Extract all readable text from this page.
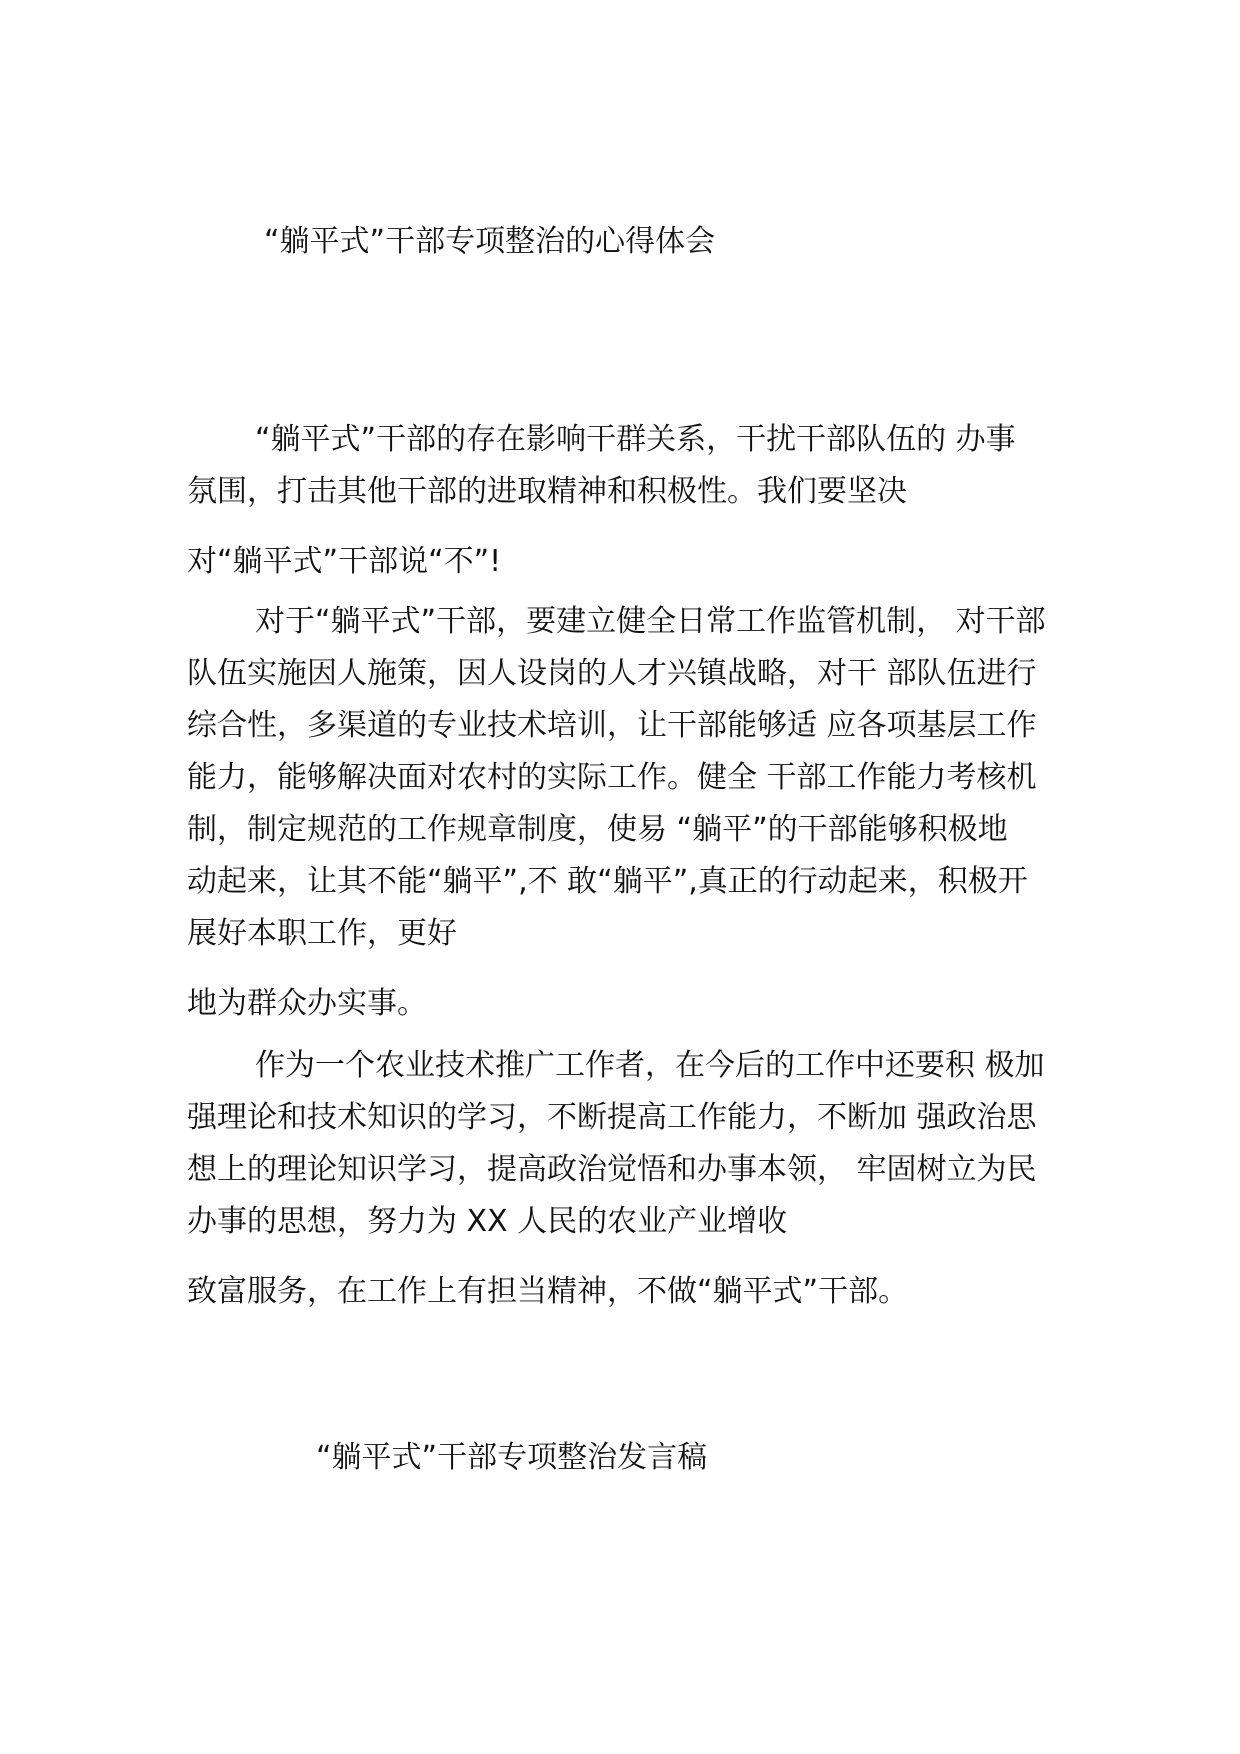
“躺平式”干部专项整治的心得体会
“躺平式”干部的存在影响干群关系，干扰干部队伍的 办事
氛围，打击其他干部的进取精神和积极性。我们要坚决
对“躺平式”干部说“不”!
对于“躺平式”干部，要建立健全日常工作监管机制， 对干部
队伍实施因人施策，因人设岗的人才兴镇战略，对干 部队伍进行
综合性，多渠道的专业技术培训，让干部能够适 应各项基层工作
能力，能够解决面对农村的实际工作。健全 干部工作能力考核机
制，制定规范的工作规章制度，使易 “躺平”的干部能够积极地
动起来，让其不能“躺平”,不 敢“躺平”,真正的行动起来，积极开
展好本职工作，更好
地为群众办实事。
作为一个农业技术推广工作者，在今后的工作中还要积 极加
强理论和技术知识的学习，不断提高工作能力，不断加 强政治思
想上的理论知识学习，提高政治觉悟和办事本领， 牢固树立为民
办事的思想，努力为 XX 人民的农业产业增收
致富服务，在工作上有担当精神，不做“躺平式”干部。
“躺平式”干部专项整治发言稿
